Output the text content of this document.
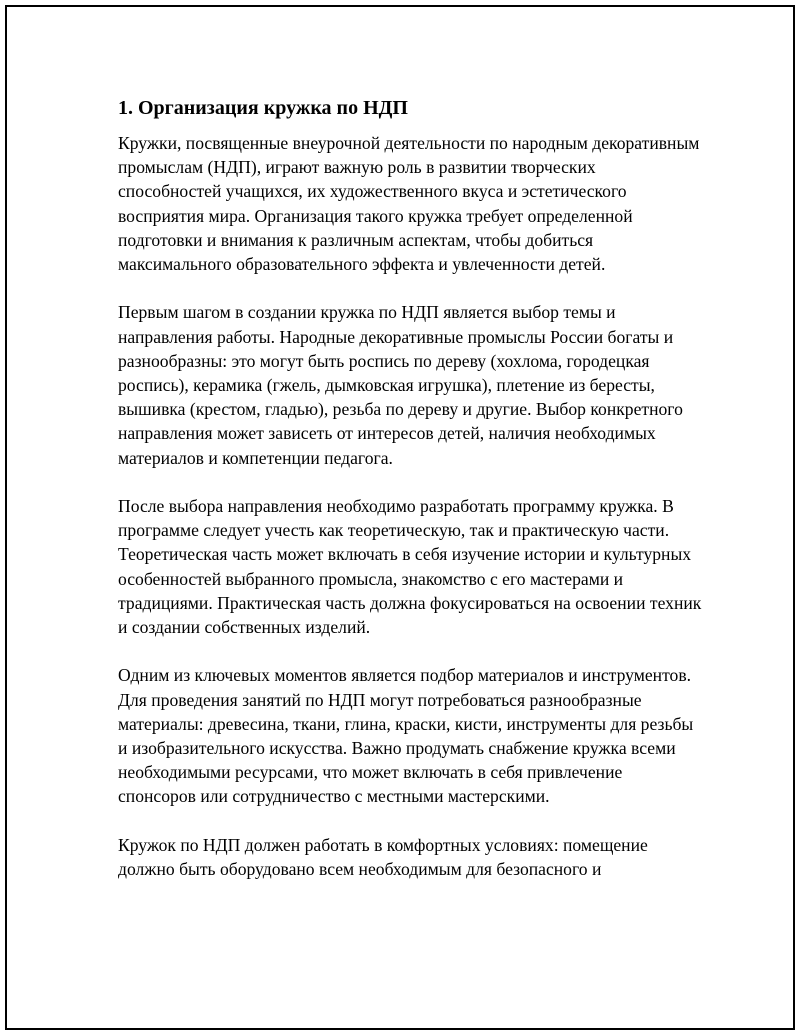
1. Организация кружка по НДП

Кружки, посвященные внеурочной деятельности по народным декоративным промыслам (НДП), играют важную роль в развитии творческих способностей учащихся, их художественного вкуса и эстетического восприятия мира. Организация такого кружка требует определенной подготовки и внимания к различным аспектам, чтобы добиться максимального образовательного эффекта и увлеченности детей.

Первым шагом в создании кружка по НДП является выбор темы и направления работы. Народные декоративные промыслы России богаты и разнообразны: это могут быть роспись по дереву (хохлома, городецкая роспись), керамика (гжель, дымковская игрушка), плетение из бересты, вышивка (крестом, гладью), резьба по дереву и другие. Выбор конкретного направления может зависеть от интересов детей, наличия необходимых материалов и компетенции педагога.

После выбора направления необходимо разработать программу кружка. В программе следует учесть как теоретическую, так и практическую части. Теоретическая часть может включать в себя изучение истории и культурных особенностей выбранного промысла, знакомство с его мастерами и традициями. Практическая часть должна фокусироваться на освоении техник и создании собственных изделий.

Одним из ключевых моментов является подбор материалов и инструментов. Для проведения занятий по НДП могут потребоваться разнообразные материалы: древесина, ткани, глина, краски, кисти, инструменты для резьбы и изобразительного искусства. Важно продумать снабжение кружка всеми необходимыми ресурсами, что может включать в себя привлечение спонсоров или сотрудничество с местными мастерскими.

Кружок по НДП должен работать в комфортных условиях: помещение должно быть оборудовано всем необходимым для безопасного и
